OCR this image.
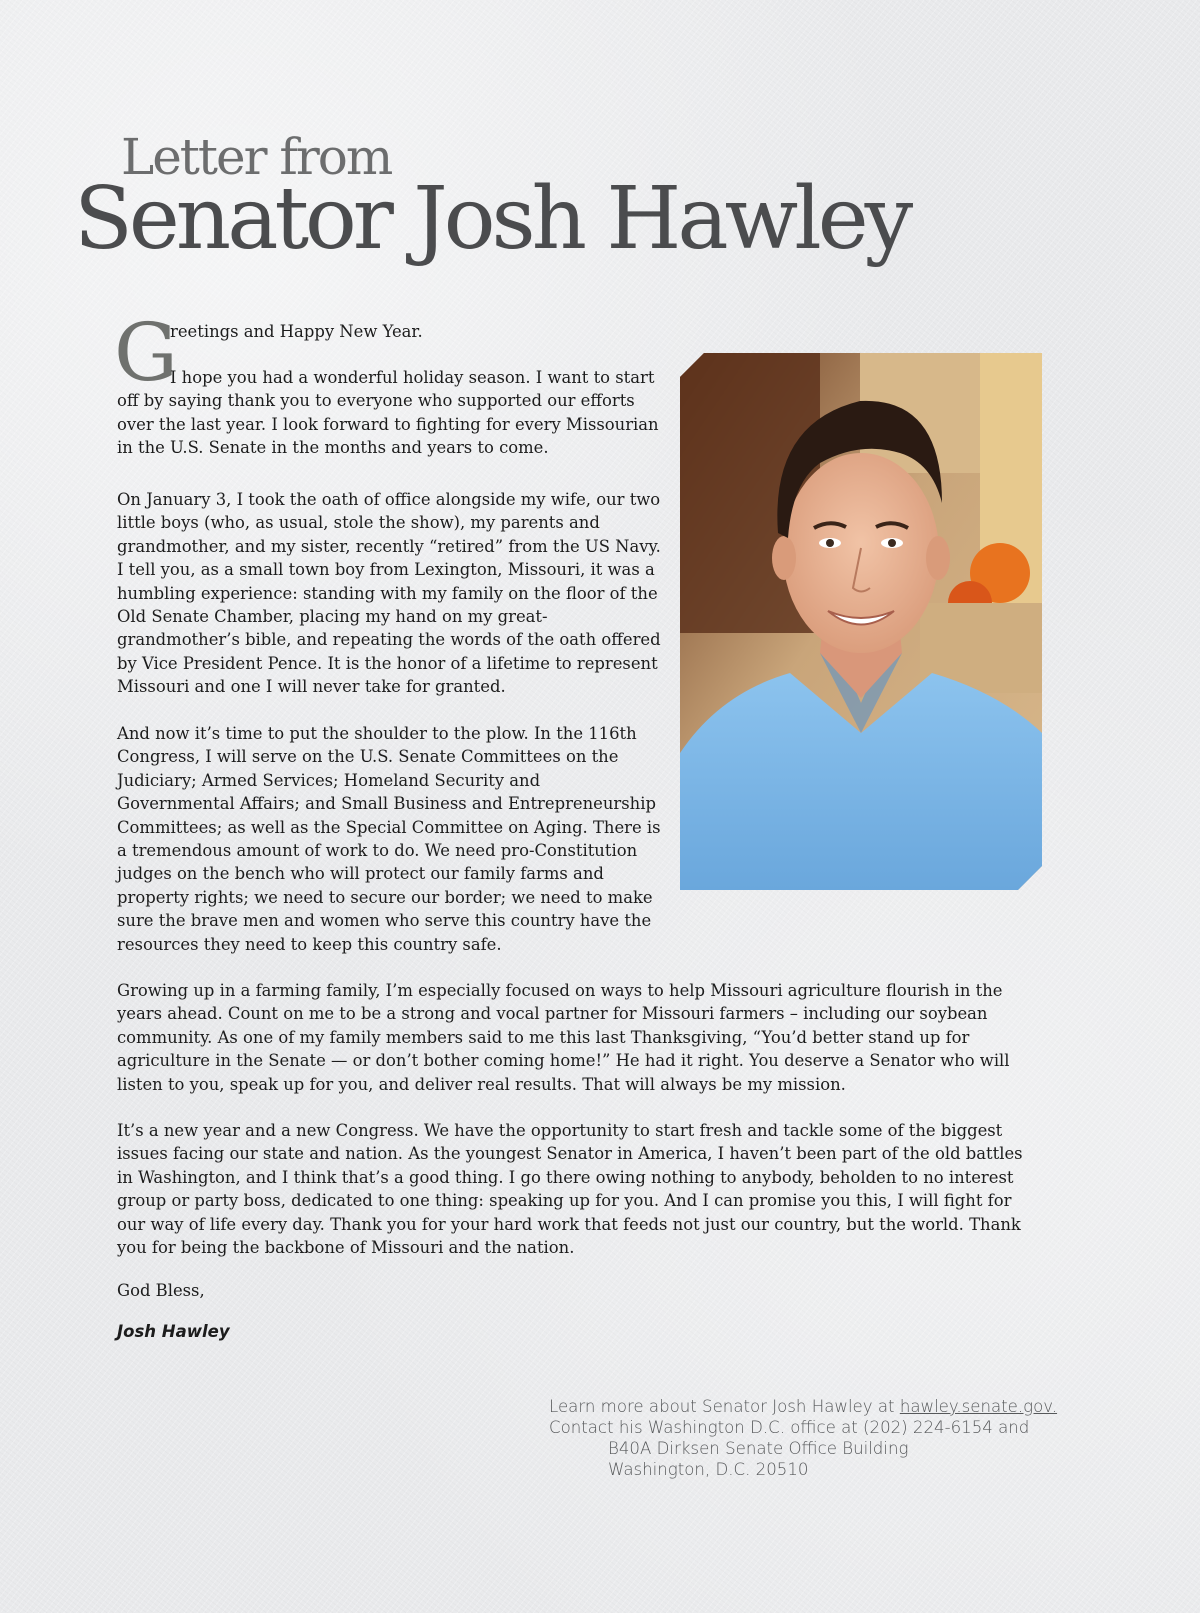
Letter from
Senator Josh Hawley
G
reetings and Happy New Year.

I hope you had a wonderful holiday season. I want to start off by saying thank you to everyone who supported our efforts over the last year. I look forward to fighting for every Missourian in the U.S. Senate in the months and years to come.

On January 3, I took the oath of office alongside my wife, our two little boys (who, as usual, stole the show), my parents and grandmother, and my sister, recently “retired” from the US Navy. I tell you, as a small town boy from Lexington, Missouri, it was a humbling experience: standing with my family on the floor of the Old Senate Chamber, placing my hand on my great-grandmother’s bible, and repeating the words of the oath offered by Vice President Pence. It is the honor of a lifetime to represent Missouri and one I will never take for granted.

And now it’s time to put the shoulder to the plow. In the 116th Congress, I will serve on the U.S. Senate Committees on the Judiciary; Armed Services; Homeland Security and Governmental Affairs; and Small Business and Entrepreneurship Committees; as well as the Special Committee on Aging. There is a tremendous amount of work to do. We need pro-Constitution judges on the bench who will protect our family farms and property rights; we need to secure our border; we need to make sure the brave men and women who serve this country have the resources they need to keep this country safe.

Growing up in a farming family, I’m especially focused on ways to help Missouri agriculture flourish in the years ahead. Count on me to be a strong and vocal partner for Missouri farmers – including our soybean community. As one of my family members said to me this last Thanksgiving, “You’d better stand up for agriculture in the Senate — or don’t bother coming home!” He had it right. You deserve a Senator who will listen to you, speak up for you, and deliver real results. That will always be my mission.

It’s a new year and a new Congress. We have the opportunity to start fresh and tackle some of the biggest issues facing our state and nation. As the youngest Senator in America, I haven’t been part of the old battles in Washington, and I think that’s a good thing. I go there owing nothing to anybody, beholden to no interest group or party boss, dedicated to one thing: speaking up for you. And I can promise you this, I will fight for our way of life every day. Thank you for your hard work that feeds not just our country, but the world. Thank you for being the backbone of Missouri and the nation.

God Bless,
Josh Hawley
Learn more about Senator Josh Hawley at hawley.senate.gov.
Contact his Washington D.C. office at (202) 224-6154 and
B40A Dirksen Senate Office Building
Washington, D.C. 20510
